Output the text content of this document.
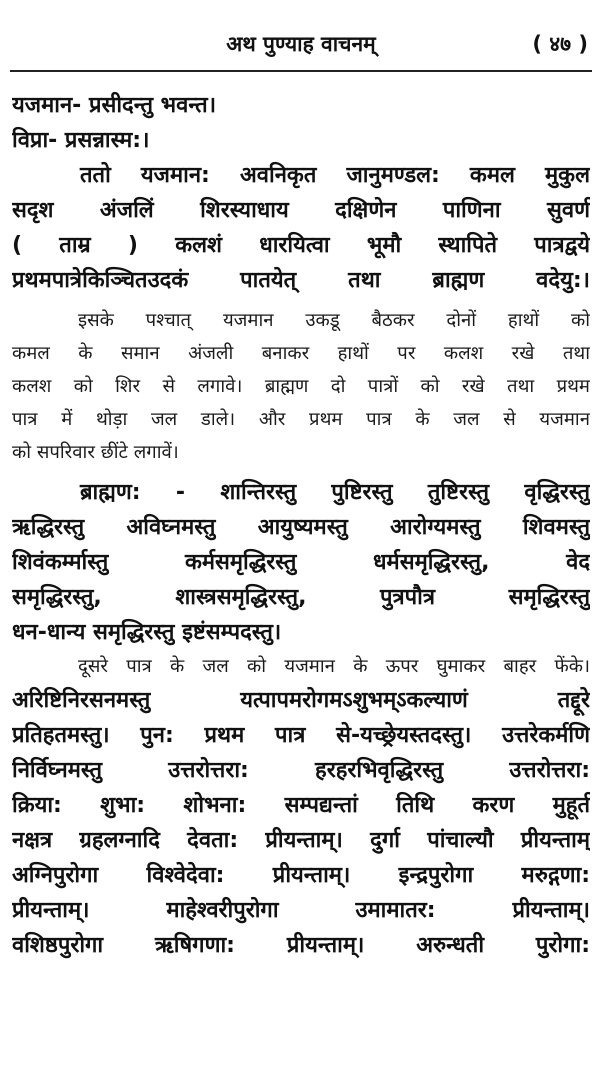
अथ पुण्याह वाचनम्	( ४७ )
यजमान- प्रसीदन्तु भवन्त।
विप्रा- प्रसन्नास्म:।
ततो यजमान: अवनिकृत जानुमण्डल: कमल मुकुल
सदृश अंजलिं शिरस्याधाय दक्षिणेन पाणिना सुवर्ण
( ताम्र ) कलशं धारयित्वा भूमौ स्थापिते पात्रद्वये
प्रथमपात्रेकिञ्चितउदकं पातयेत् तथा ब्राह्मण वदेयु:।
इसके पश्चात् यजमान उकडू बैठकर दोनों हाथों को
कमल के समान अंजली बनाकर हाथों पर कलश रखे तथा
कलश को शिर से लगावे। ब्राह्मण दो पात्रों को रखे तथा प्रथम
पात्र में थोड़ा जल डाले। और प्रथम पात्र के जल से यजमान
को सपरिवार छींटे लगावें।
ब्राह्मण: - शान्तिरस्तु पुष्टिरस्तु तुष्टिरस्तु वृद्धिरस्तु
ऋद्धिरस्तु अविघ्नमस्तु आयुष्यमस्तु आरोग्यमस्तु शिवमस्तु
शिवंकर्म्मास्तु कर्मसमृद्धिरस्तु धर्मसमृद्धिरस्तु, वेद
समृद्धिरस्तु, शास्त्रसमृद्धिरस्तु, पुत्रपौत्र समृद्धिरस्तु
धन-धान्य समृद्धिरस्तु इष्टंसम्पदस्तु।
दूसरे पात्र के जल को यजमान के ऊपर घुमाकर बाहर फेंके।
अरिष्टिनिरसनमस्तु यत्पापमरोगमऽशुभम्ऽकल्याणं तद्दूरे
प्रतिहतमस्तु। पुन: प्रथम पात्र से-यच्छ्रेयस्तदस्तु। उत्तरेकर्मणि
निर्विघ्नमस्तु उत्तरोत्तरा: हरहरभिवृद्धिरस्तु उत्तरोत्तरा:
क्रिया: शुभा: शोभना: सम्पद्यन्तां तिथि करण मुहूर्त
नक्षत्र ग्रहलग्नादि देवता: प्रीयन्ताम्। दुर्गा पांचाल्यौ प्रीयन्ताम्
अग्निपुरोगा विश्वेदेवा: प्रीयन्ताम्। इन्द्रपुरोगा मरुद्गणा:
प्रीयन्ताम्। माहेश्वरीपुरोगा उमामातर: प्रीयन्ताम्।
वशिष्ठपुरोगा ऋषिगणा: प्रीयन्ताम्। अरुन्धती पुरोगा:
